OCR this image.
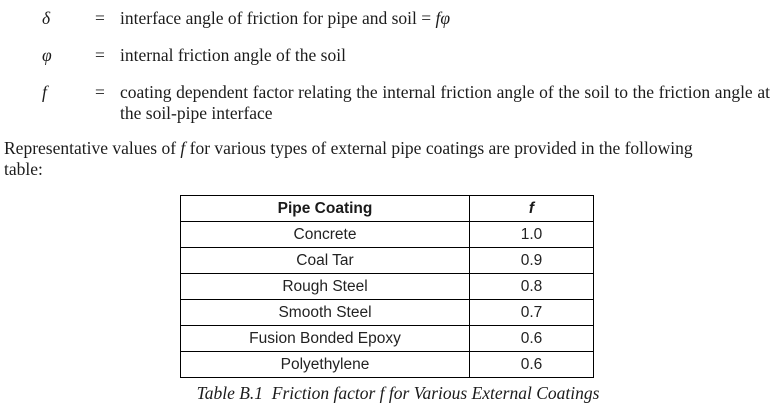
δ	= interface angle of friction for pipe and soil = fφ
φ	= internal friction angle of the soil
f	= coating dependent factor relating the internal friction angle of the soil to the friction angle at the soil-pipe interface
Representative values of f for various types of external pipe coatings are provided in the following table:
Pipe Coating	f
Concrete	1.0
Coal Tar	0.9
Rough Steel	0.8
Smooth Steel	0.7
Fusion Bonded Epoxy	0.6
Polyethylene	0.6
Table B.1  Friction factor f for Various External Coatings
